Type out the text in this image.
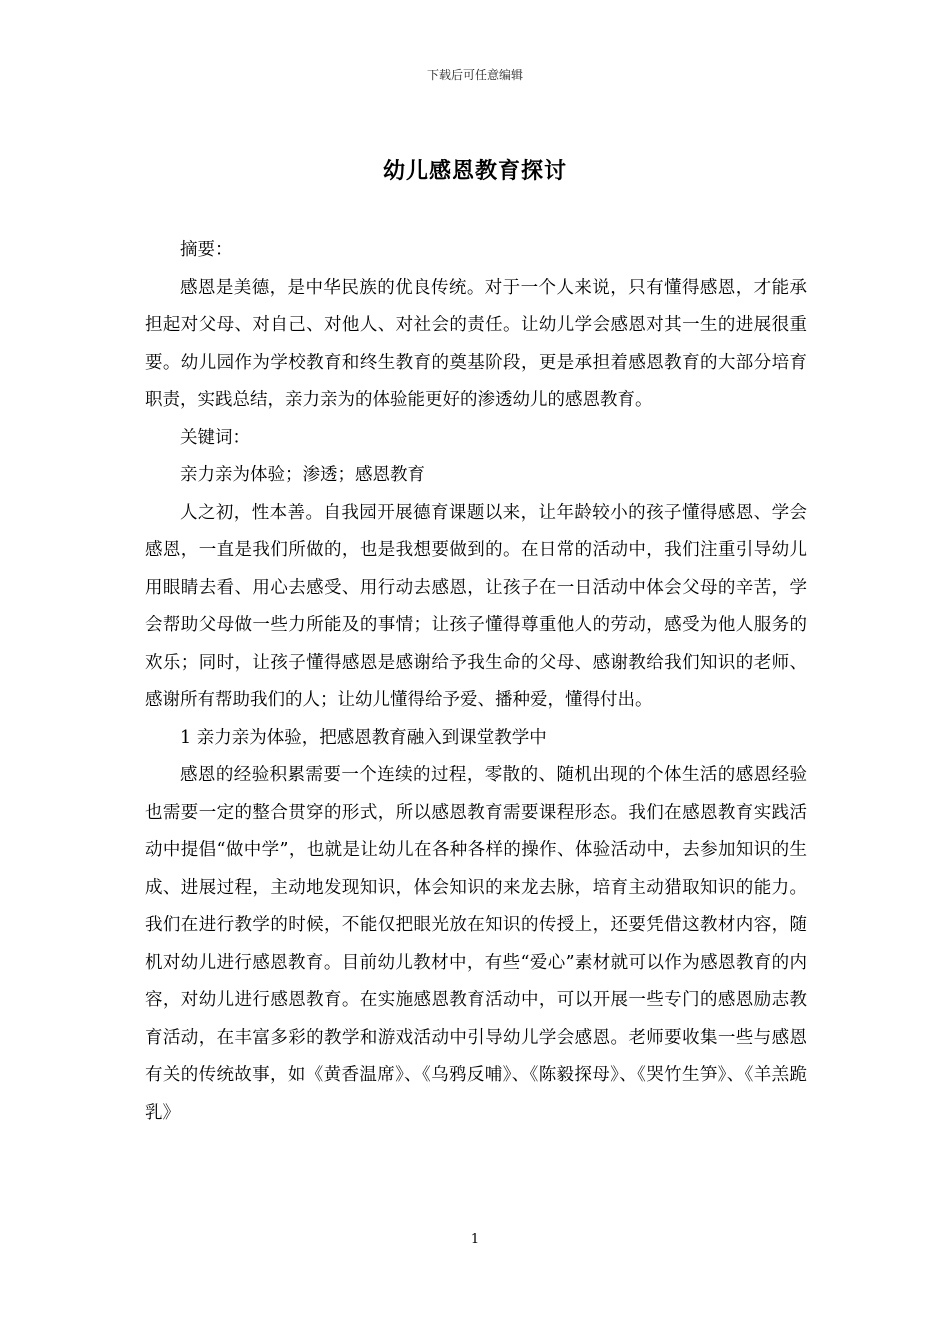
下载后可任意编辑
幼儿感恩教育探讨

摘要：

感恩是美德，是中华民族的优良传统。对于一个人来说，只有懂得感恩，才能承担起对父母、对自己、对他人、对社会的责任。让幼儿学会感恩对其一生的进展很重要。幼儿园作为学校教育和终生教育的奠基阶段，更是承担着感恩教育的大部分培育职责，实践总结，亲力亲为的体验能更好的渗透幼儿的感恩教育。

关键词：

亲力亲为体验；渗透；感恩教育

人之初，性本善。自我园开展德育课题以来，让年龄较小的孩子懂得感恩、学会感恩，一直是我们所做的，也是我想要做到的。在日常的活动中，我们注重引导幼儿用眼睛去看、用心去感受、用行动去感恩，让孩子在一日活动中体会父母的辛苦，学会帮助父母做一些力所能及的事情；让孩子懂得尊重他人的劳动，感受为他人服务的欢乐；同时，让孩子懂得感恩是感谢给予我生命的父母、感谢教给我们知识的老师、感谢所有帮助我们的人；让幼儿懂得给予爱、播种爱，懂得付出。

1 亲力亲为体验，把感恩教育融入到课堂教学中

感恩的经验积累需要一个连续的过程，零散的、随机出现的个体生活的感恩经验也需要一定的整合贯穿的形式，所以感恩教育需要课程形态。我们在感恩教育实践活动中提倡“做中学”，也就是让幼儿在各种各样的操作、体验活动中，去参加知识的生成、进展过程，主动地发现知识，体会知识的来龙去脉，培育主动猎取知识的能力。我们在进行教学的时候，不能仅把眼光放在知识的传授上，还要凭借这教材内容，随机对幼儿进行感恩教育。目前幼儿教材中，有些“爱心”素材就可以作为感恩教育的内容，对幼儿进行感恩教育。在实施感恩教育活动中，可以开展一些专门的感恩励志教育活动，在丰富多彩的教学和游戏活动中引导幼儿学会感恩。老师要收集一些与感恩有关的传统故事，如《黄香温席》、《乌鸦反哺》、《陈毅探母》、《哭竹生笋》、《羊羔跪乳》

1
